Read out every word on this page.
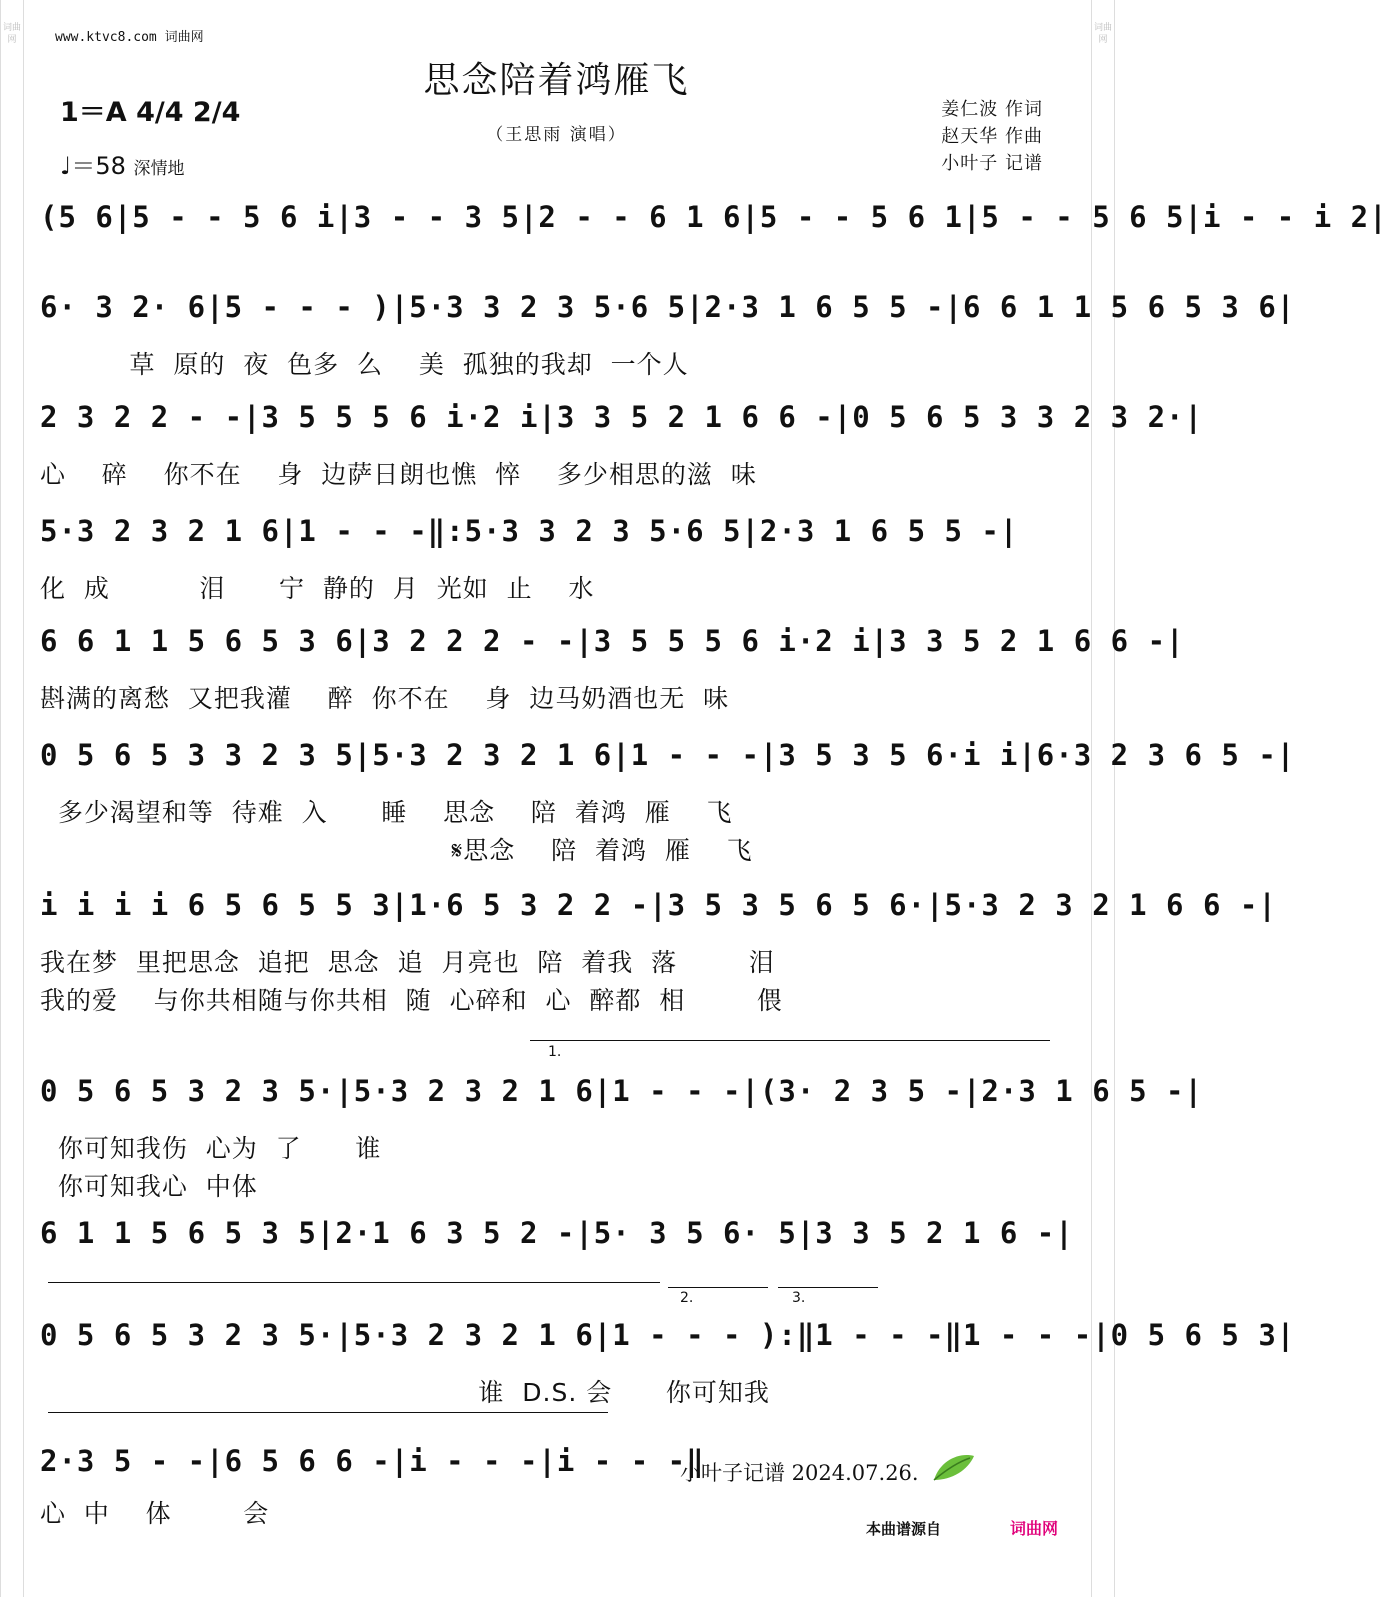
词曲网
词曲网
www.ktvc8.com 词曲网
思念陪着鸿雁飞
（王思雨 演唱）
姜仁波 作词
赵天华 作曲
小叶子 记谱
1＝A 4/4 2/4
♩＝58 深情地
(5 6|5 - - 5 6 i|3 - - 3 5|2 - - 6 1 6|5 - - 5 6 1|5 - - 5 6 5|i - - i 2|
6· 3 2· 6|5 - - - )|5·3 3 2 3 5·6 5|2·3 1 6 5 5 -|6 6 1 1 5 6 5 3 6|
草  原的  夜  色多  么    美  孤独的我却  一个人
2 3 2 2 - -|3 5 5 5 6 i·2 i|3 3 5 2 1 6 6 -|0 5 6 5 3 3 2 3 2·|
心    碎    你不在    身  边萨日朗也憔  悴    多少相思的滋  味
5·3 2 3 2 1 6|1 - - -‖:5·3 3 2 3 5·6 5|2·3 1 6 5 5 -|
化  成          泪      宁  静的  月  光如  止    水
6 6 1 1 5 6 5 3 6|3 2 2 2 - -|3 5 5 5 6 i·2 i|3 3 5 2 1 6 6 -|
斟满的离愁  又把我灌    醉  你不在    身  边马奶酒也无  味
0 5 6 5 3 3 2 3 5|5·3 2 3 2 1 6|1 - - -|3 5 3 5 6·i i|6·3 2 3 6 5 -|
多少渴望和等  待难  入      睡    思念    陪  着鸿  雁    飞
𝄋思念    陪  着鸿  雁    飞
i i i i 6 5 6 5 5 3|1·6 5 3 2 2 -|3 5 3 5 6 5 6·|5·3 2 3 2 1 6 6 -|
我在梦  里把思念  追把  思念  追  月亮也  陪  着我  落        泪
我的爱    与你共相随与你共相  随  心碎和  心  醉都  相        偎
1.
0 5 6 5 3 2 3 5·|5·3 2 3 2 1 6|1 - - -|(3· 2 3 5 -|2·3 1 6 5 -|
你可知我伤  心为  了      谁
你可知我心  中体
6 1 1 5 6 5 3 5|2·1 6 3 5 2 -|5· 3 5 6· 5|3 3 5 2 1 6 -|
2.	3.
0 5 6 5 3 2 3 5·|5·3 2 3 2 1 6|1 - - - ):‖1 - - -‖1 - - -|0 5 6 5 3|
谁  D.S. 会      你可知我
2·3 5 - -|6 5 6 6 -|i - - -|i - - -‖
心  中    体        会
小叶子记谱 2024.07.26.
本曲谱源自	词曲网
